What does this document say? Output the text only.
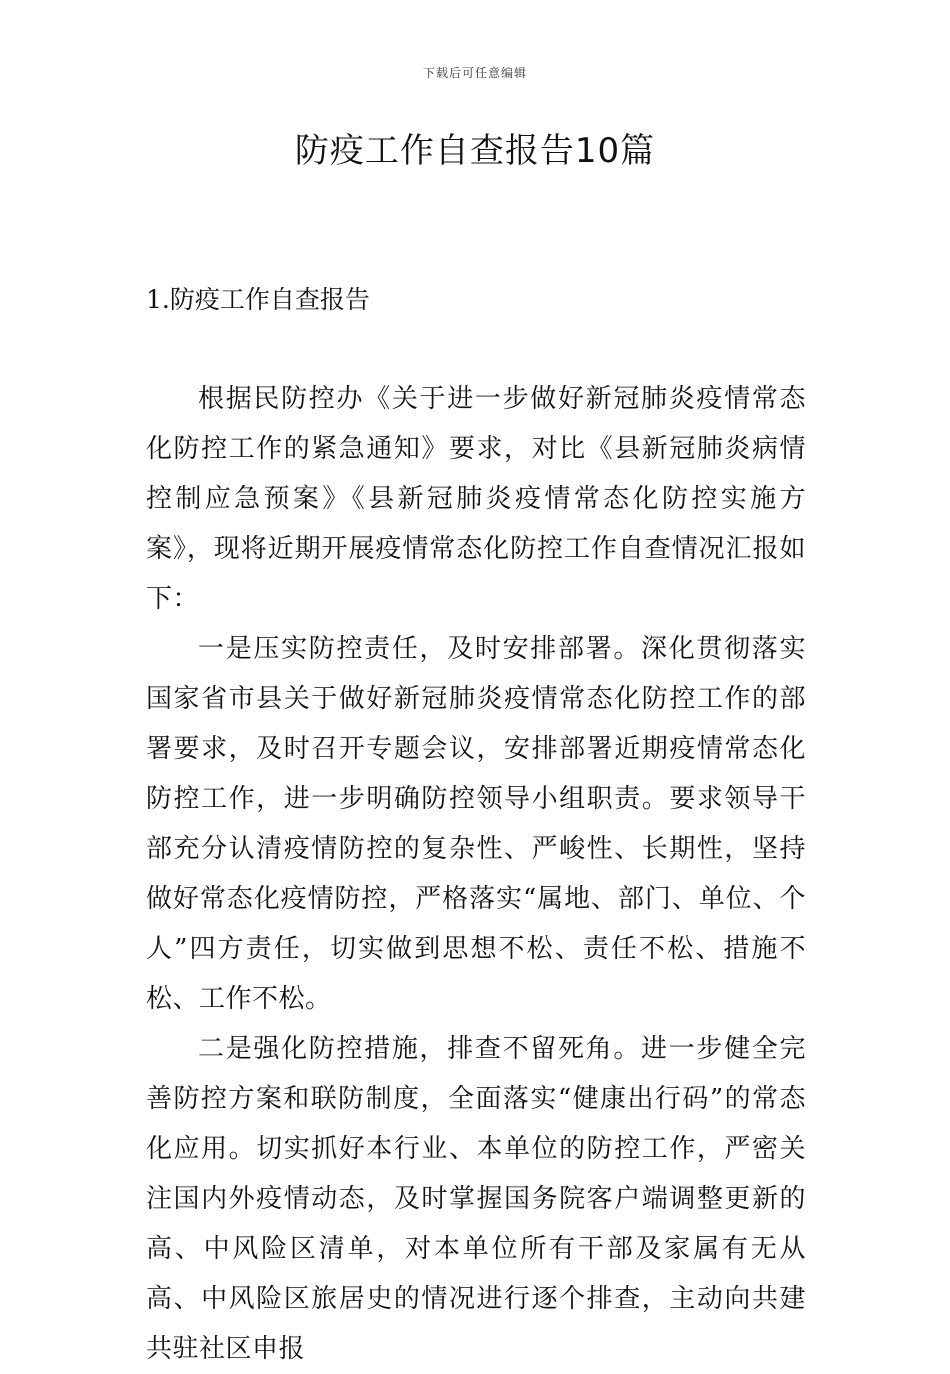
下载后可任意编辑
防疫工作自查报告10篇
1.防疫工作自查报告

根据民防控办《关于进一步做好新冠肺炎疫情常态化防控工作的紧急通知》要求，对比《县新冠肺炎病情控制应急预案》《县新冠肺炎疫情常态化防控实施方案》，现将近期开展疫情常态化防控工作自查情况汇报如下：

一是压实防控责任，及时安排部署。深化贯彻落实国家省市县关于做好新冠肺炎疫情常态化防控工作的部署要求，及时召开专题会议，安排部署近期疫情常态化防控工作，进一步明确防控领导小组职责。要求领导干部充分认清疫情防控的复杂性、严峻性、长期性，坚持做好常态化疫情防控，严格落实“属地、部门、单位、个人”四方责任，切实做到思想不松、责任不松、措施不松、工作不松。

二是强化防控措施，排查不留死角。进一步健全完善防控方案和联防制度，全面落实“健康出行码”的常态化应用。切实抓好本行业、本单位的防控工作，严密关注国内外疫情动态，及时掌握国务院客户端调整更新的高、中风险区清单，对本单位所有干部及家属有无从高、中风险区旅居史的情况进行逐个排查，主动向共建共驻社区申报
